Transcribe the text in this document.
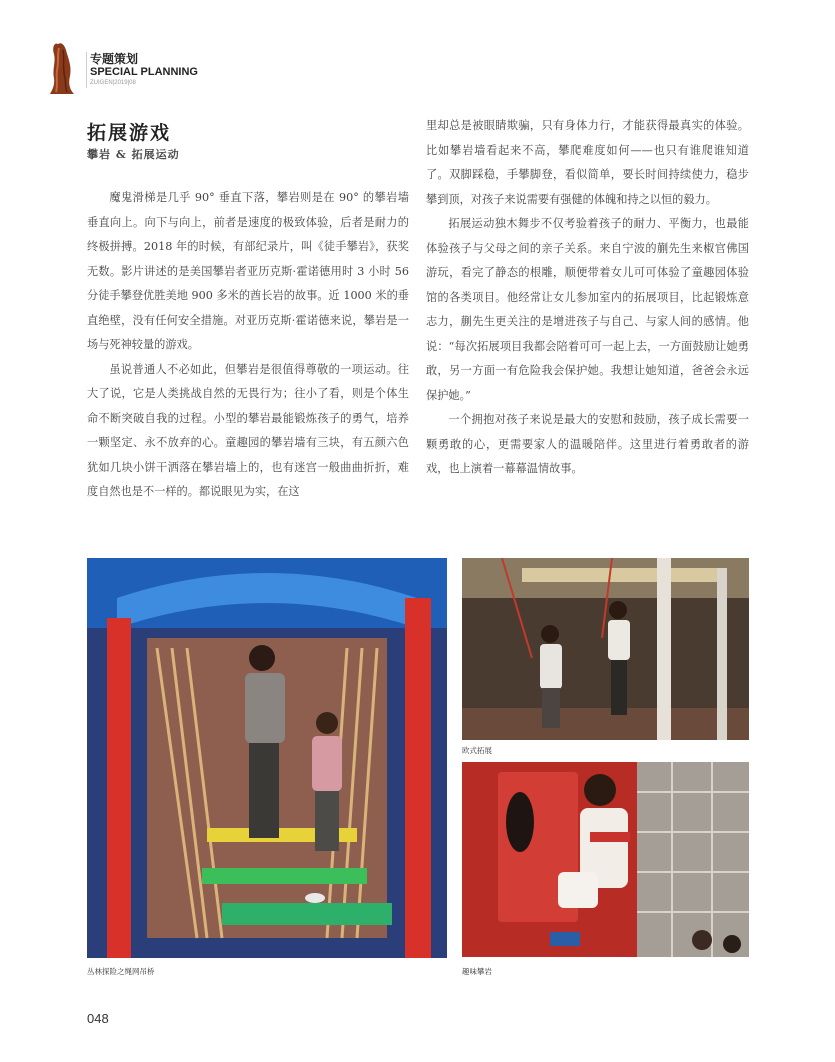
专题策划
SPECIAL PLANNING
ZUIGEN|2019|08
拓展游戏
攀岩 & 拓展运动

魔鬼滑梯是几乎 90° 垂直下落，攀岩则是在 90° 的攀岩墙垂直向上。向下与向上，前者是速度的极致体验，后者是耐力的终极拼搏。2018 年的时候，有部纪录片，叫《徒手攀岩》，获奖无数。影片讲述的是美国攀岩者亚历克斯·霍诺德用时 3 小时 56 分徒手攀登优胜美地 900 多米的酋长岩的故事。近 1000 米的垂直绝壁，没有任何安全措施。对亚历克斯·霍诺德来说，攀岩是一场与死神较量的游戏。

虽说普通人不必如此，但攀岩是很值得尊敬的一项运动。往大了说，它是人类挑战自然的无畏行为；往小了看，则是个体生命不断突破自我的过程。小型的攀岩最能锻炼孩子的勇气，培养一颗坚定、永不放弃的心。童趣园的攀岩墙有三块，有五颜六色犹如几块小饼干洒落在攀岩墙上的，也有迷宫一般曲曲折折，难度自然也是不一样的。都说眼见为实，在这

里却总是被眼睛欺骗，只有身体力行，才能获得最真实的体验。比如攀岩墙看起来不高，攀爬难度如何——也只有谁爬谁知道了。双脚踩稳，手攀脚登，看似简单，要长时间持续使力，稳步攀到顶，对孩子来说需要有强健的体魄和持之以恒的毅力。

拓展运动独木舞步不仅考验着孩子的耐力、平衡力，也最能体验孩子与父母之间的亲子关系。来自宁波的蒯先生来椒官佛国游玩，看完了静态的根雕，顺便带着女儿可可体验了童趣园体验馆的各类项目。他经常让女儿参加室内的拓展项目，比起锻炼意志力，蒯先生更关注的是增进孩子与自己、与家人间的感情。他说：“每次拓展项目我都会陪着可可一起上去，一方面鼓励让她勇敢，另一方面一有危险我会保护她。我想让她知道，爸爸会永远保护她。”

一个拥抱对孩子来说是最大的安慰和鼓励，孩子成长需要一颗勇敢的心，更需要家人的温暖陪伴。这里进行着勇敢者的游戏，也上演着一幕幕温情故事。

丛林探险之绳网吊桥
欧式拓展
趣味攀岩
048
